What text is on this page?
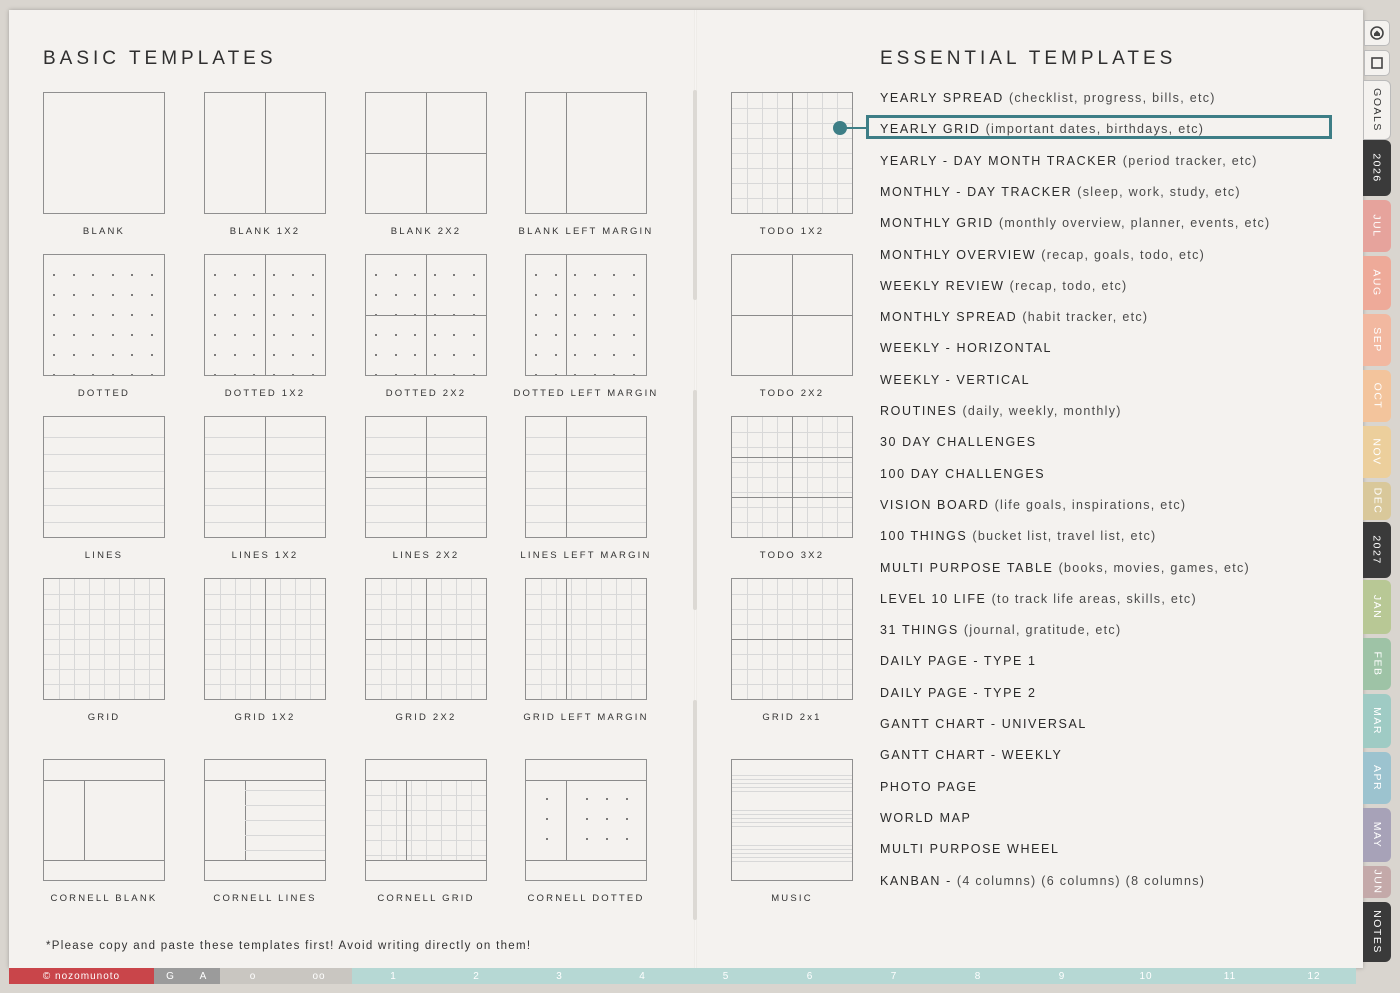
BASIC TEMPLATES	ESSENTIAL TEMPLATES
BLANK	BLANK 1X2	BLANK 2X2	BLANK LEFT MARGIN
DOTTED	DOTTED 1X2	DOTTED 2X2	DOTTED LEFT MARGIN
LINES	LINES 1X2	LINES 2X2	LINES LEFT MARGIN
GRID	GRID 1X2	GRID 2X2	GRID LEFT MARGIN
CORNELL BLANK	CORNELL LINES	CORNELL GRID	CORNELL DOTTED
TODO 1X2
TODO 2X2
TODO 3X2
GRID 2x1
MUSIC
YEARLY SPREAD (checklist, progress, bills, etc)
YEARLY GRID (important dates, birthdays, etc)
YEARLY - DAY MONTH TRACKER (period tracker, etc)
MONTHLY - DAY TRACKER (sleep, work, study, etc)
MONTHLY GRID (monthly overview, planner, events, etc)
MONTHLY OVERVIEW (recap, goals, todo, etc)
WEEKLY REVIEW (recap, todo, etc)
MONTHLY SPREAD (habit tracker, etc)
WEEKLY - HORIZONTAL
WEEKLY - VERTICAL
ROUTINES (daily, weekly, monthly)
30 DAY CHALLENGES
100 DAY CHALLENGES
VISION BOARD (life goals, inspirations, etc)
100 THINGS (bucket list, travel list, etc)
MULTI PURPOSE TABLE (books, movies, games, etc)
LEVEL 10 LIFE (to track life areas, skills, etc)
31 THINGS (journal, gratitude, etc)
DAILY PAGE - TYPE 1
DAILY PAGE - TYPE 2
GANTT CHART - UNIVERSAL
GANTT CHART - WEEKLY
PHOTO PAGE
WORLD MAP
MULTI PURPOSE WHEEL
KANBAN - (4 columns) (6 columns) (8 columns)
*Please copy and paste these templates first! Avoid writing directly on them!
GOALS
2026
JUL
AUG
SEP
OCT
NOV
DEC
2027
JAN
FEB
MAR
APR
MAY
JUN
NOTES
© nozomunoto	G	A	o	oo	1	2	3	4	5	6	7	8	9	10	11	12
